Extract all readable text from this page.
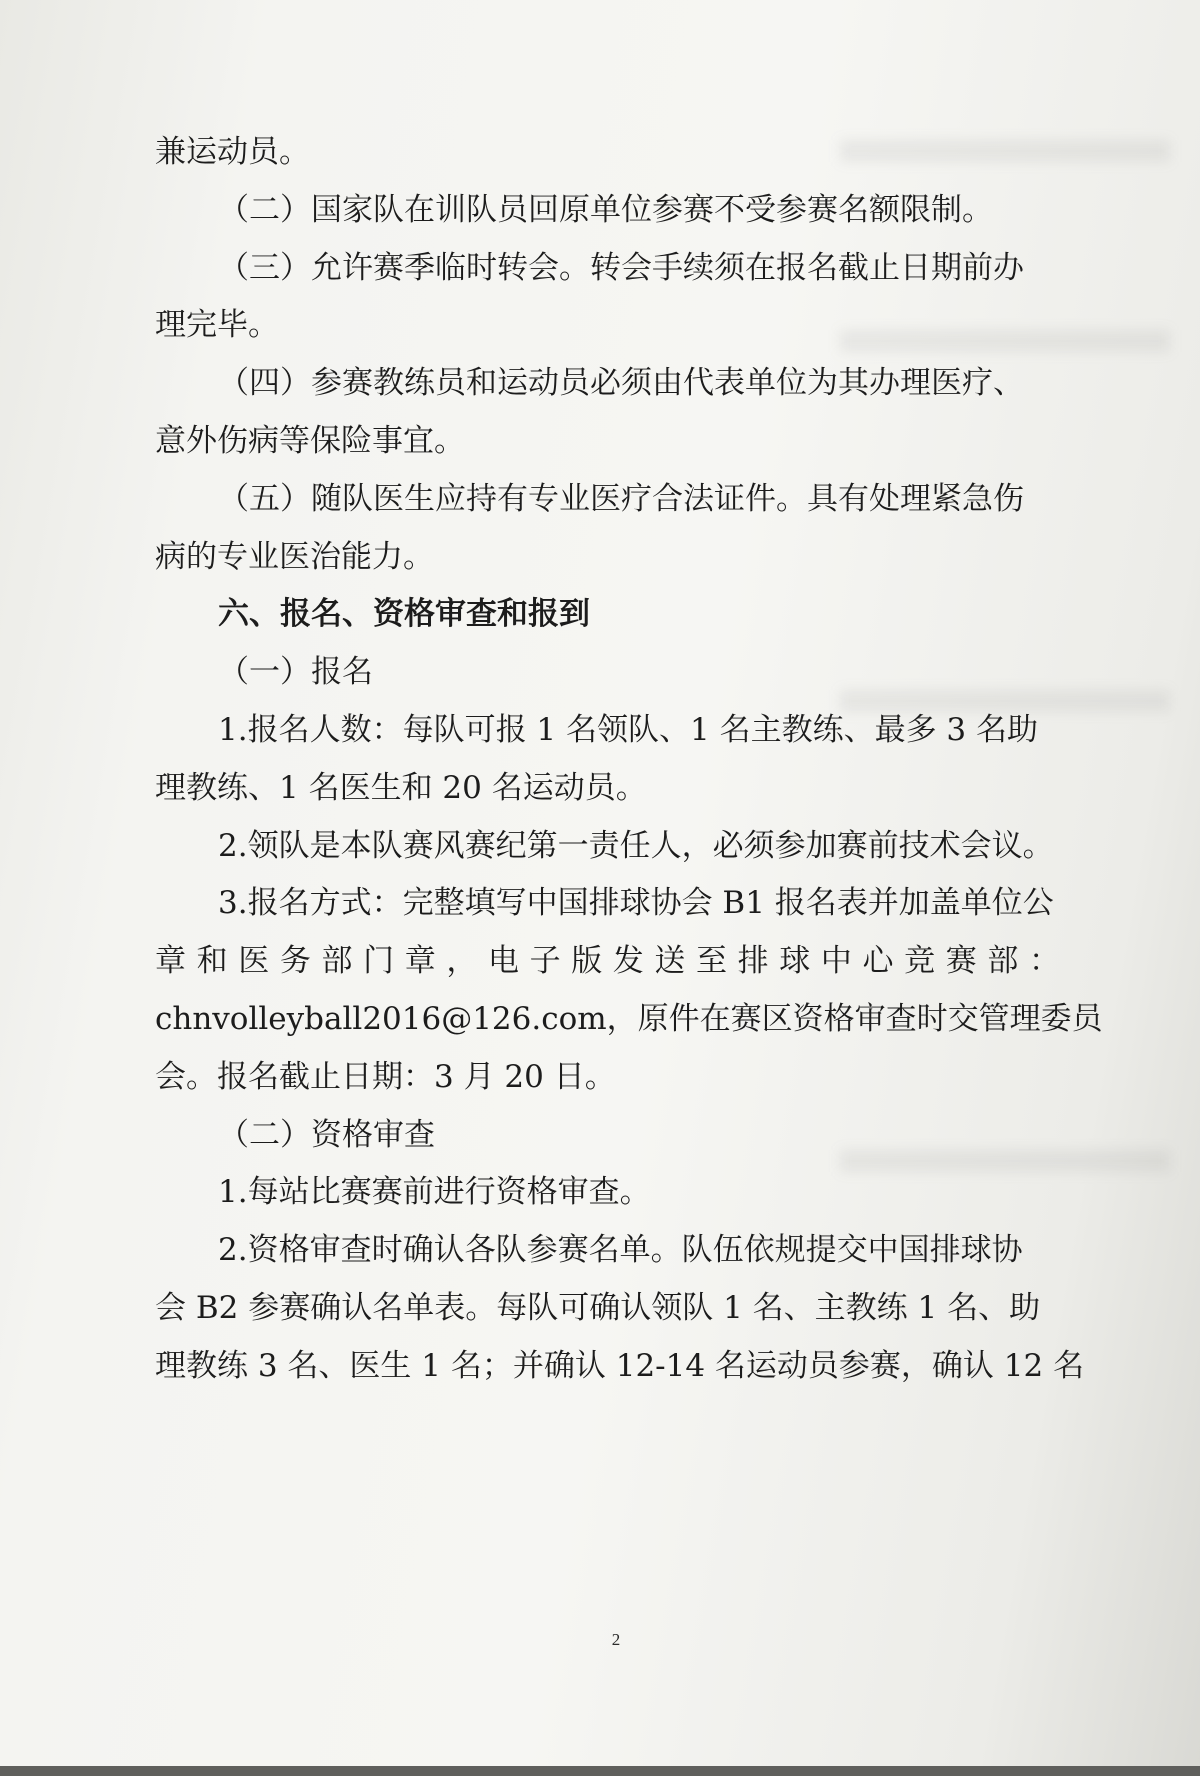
兼运动员。
（二）国家队在训队员回原单位参赛不受参赛名额限制。
（三）允许赛季临时转会。转会手续须在报名截止日期前办
理完毕。
（四）参赛教练员和运动员必须由代表单位为其办理医疗、
意外伤病等保险事宜。
（五）随队医生应持有专业医疗合法证件。具有处理紧急伤
病的专业医治能力。
六、报名、资格审查和报到
（一）报名
1.报名人数：每队可报 1 名领队、1 名主教练、最多 3 名助
理教练、1 名医生和 20 名运动员。
2.领队是本队赛风赛纪第一责任人，必须参加赛前技术会议。
3.报名方式：完整填写中国排球协会 B1 报名表并加盖单位公
章和医务部门章，电子版发送至排球中心竞赛部：
chnvolleyball2016@126.com，原件在赛区资格审查时交管理委员
会。报名截止日期：3 月 20 日。
（二）资格审查
1.每站比赛赛前进行资格审查。
2.资格审查时确认各队参赛名单。队伍依规提交中国排球协
会 B2 参赛确认名单表。每队可确认领队 1 名、主教练 1 名、助
理教练 3 名、医生 1 名；并确认 12-14 名运动员参赛，确认 12 名
2
